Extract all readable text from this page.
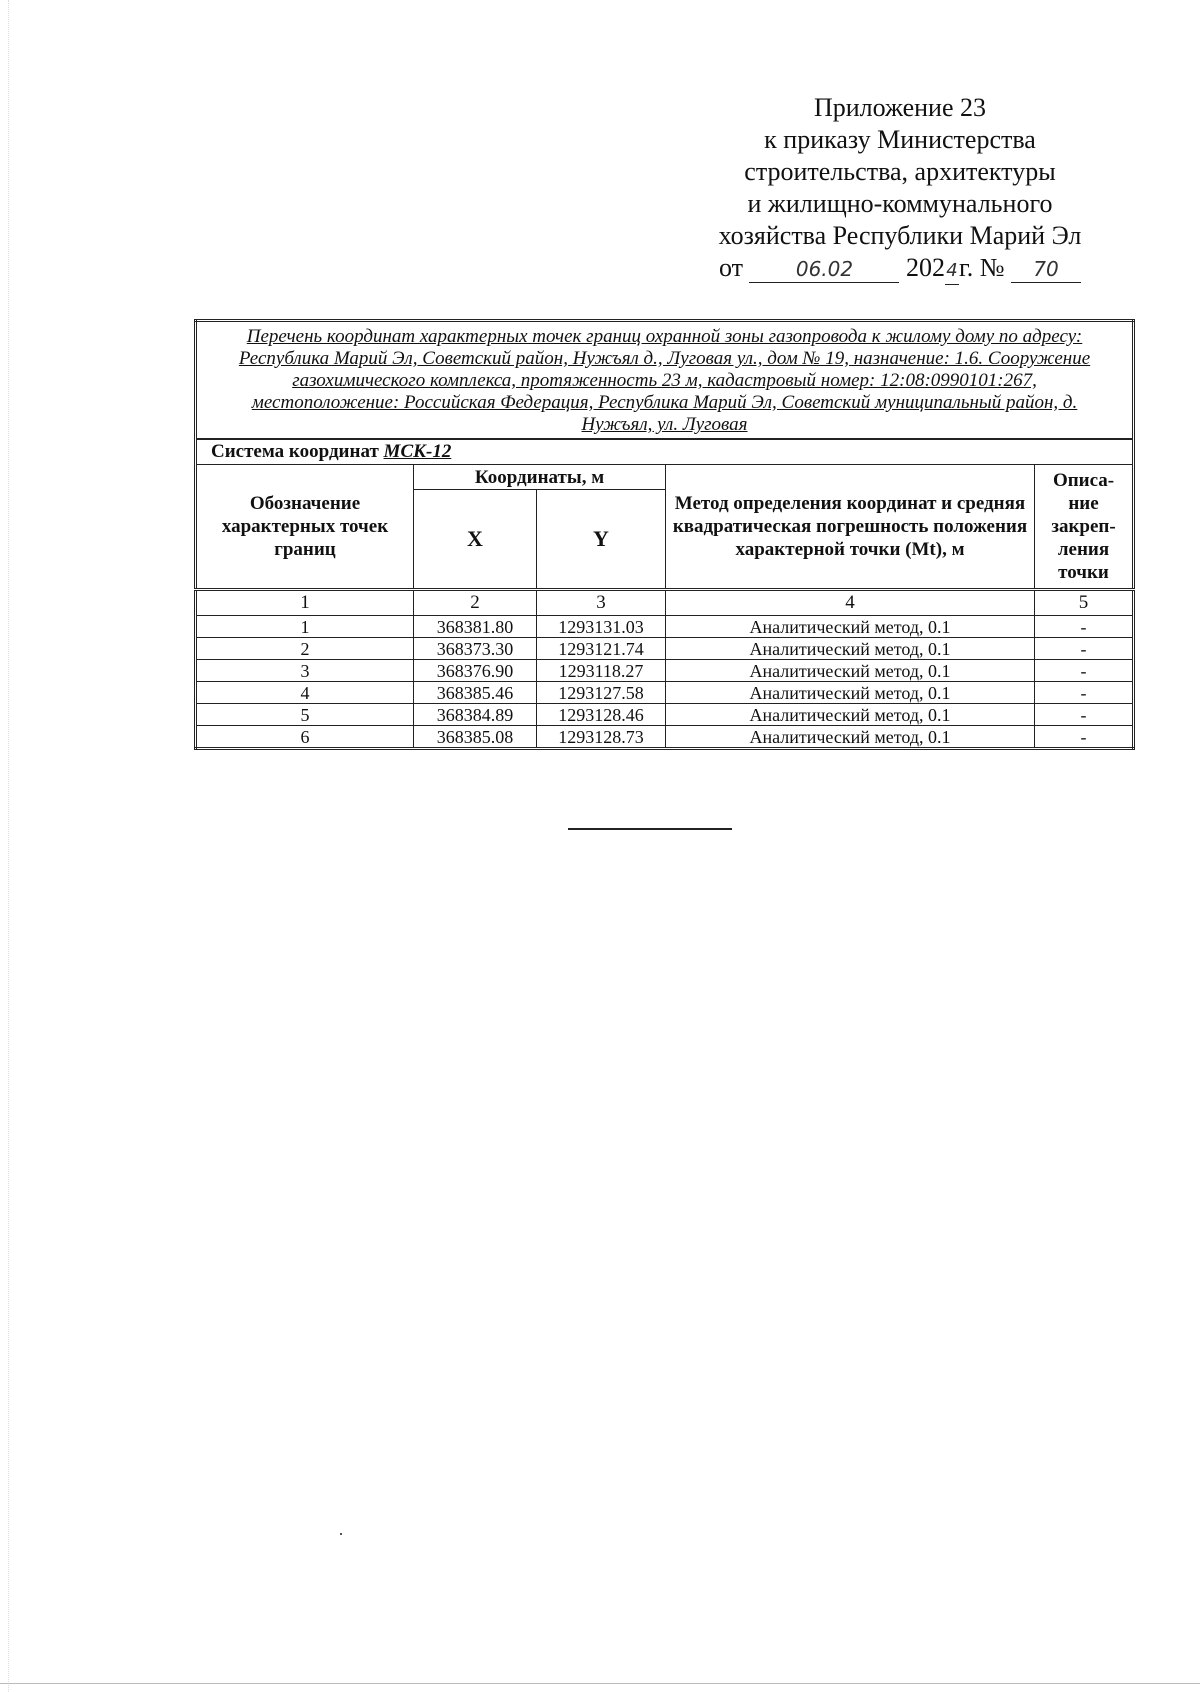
Приложение 23
к приказу Министерства
строительства, архитектуры
и жилищно-коммунального
хозяйства Республики Марий Эл
от	06.02 2024г. № 70
Перечень координат характерных точек границ охранной зоны газопровода к жилому дому по адресу: Республика Марий Эл, Советский район, Нужъял д., Луговая ул., дом № 19, назначение: 1.6. Сооружение газохимического комплекса, протяженность 23 м, кадастровый номер: 12:08:0990101:267, местоположение: Российская Федерация, Республика Марий Эл, Советский муниципальный район, д. Нужъял, ул. Луговая				
Система координат МСК-12				
Обозначение характерных точек границ	Координаты, м		Метод определения координат и средняя квадратическая погрешность положения характерной точки (Mt), м	Описа-ние закреп-ления точки
	X	Y		
1	2	3	4	5
1	368381.80	1293131.03	Аналитический метод, 0.1	-
2	368373.30	1293121.74	Аналитический метод, 0.1	-
3	368376.90	1293118.27	Аналитический метод, 0.1	-
4	368385.46	1293127.58	Аналитический метод, 0.1	-
5	368384.89	1293128.46	Аналитический метод, 0.1	-
6	368385.08	1293128.73	Аналитический метод, 0.1	-
